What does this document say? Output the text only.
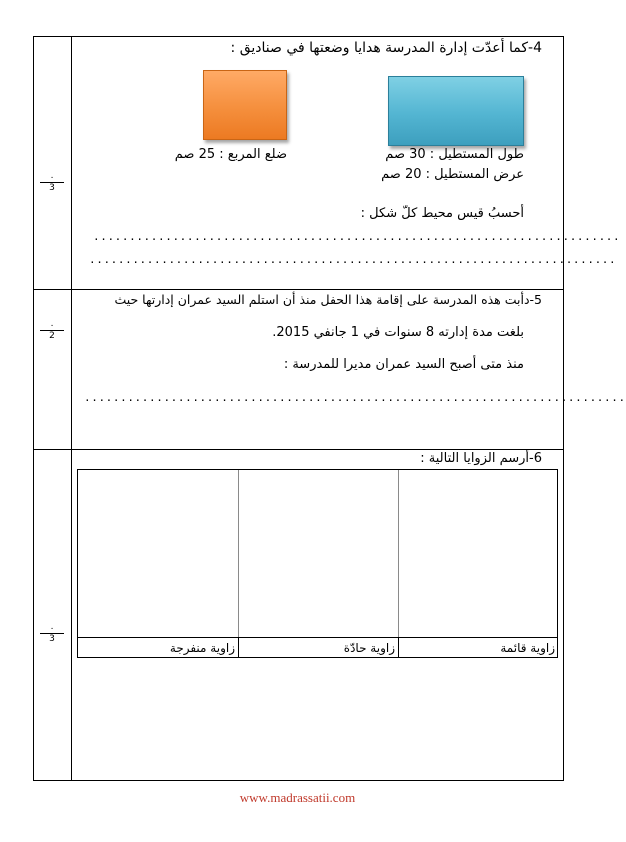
.
3
4-كما أعدّت إدارة المدرسة هدايا وضعتها في صناديق :
ضلع المربع : 25 صم	طول المستطيل : 30 صم
عرض المستطيل : 20 صم
أحسبُ قيس محيط كلّ شكل :
.........................................................................
.........................................................................
.
2
5-دأبت هذه المدرسة على إقامة هذا الحفل منذ أن استلم السيد عمران إدارتها حيث
بلغت مدة إدارته 8 سنوات في 1 جانفي 2015.
منذ متى أصبح السيد عمران مديرا للمدرسة :
...........................................................................
.
3
6-أرسم الزوايا التالية :
زاوية قائمة
زاوية حادّة
زاوية منفرجة
www.madrassatii.com
